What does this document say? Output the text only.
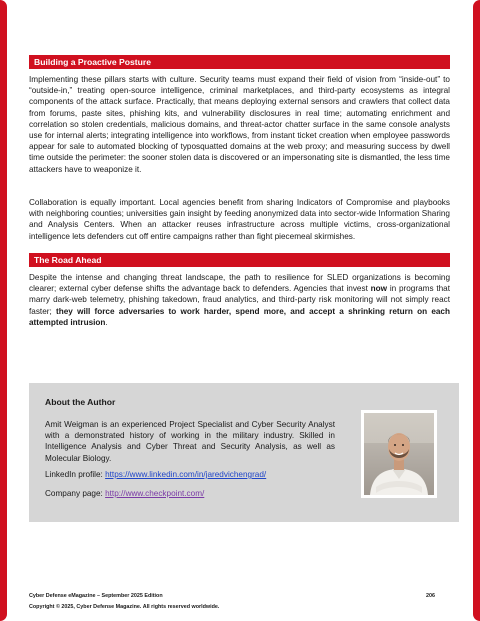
Building a Proactive Posture

Implementing these pillars starts with culture. Security teams must expand their field of vision from “inside-out” to “outside-in,” treating open-source intelligence, criminal marketplaces, and third-party ecosystems as integral components of the attack surface. Practically, that means deploying external sensors and crawlers that collect data from forums, paste sites, phishing kits, and vulnerability disclosures in real time; automating enrichment and correlation so stolen credentials, malicious domains, and threat-actor chatter surface in the same console analysts use for internal alerts; integrating intelligence into workflows, from instant ticket creation when employee passwords appear for sale to automated blocking of typosquatted domains at the web proxy; and measuring success by dwell time outside the perimeter: the sooner stolen data is discovered or an impersonating site is dismantled, the less time attackers have to weaponize it.

Collaboration is equally important. Local agencies benefit from sharing Indicators of Compromise and playbooks with neighboring counties; universities gain insight by feeding anonymized data into sector-wide Information Sharing and Analysis Centers. When an attacker reuses infrastructure across multiple victims, cross-organizational intelligence lets defenders cut off entire campaigns rather than fight piecemeal skirmishes.

The Road Ahead

Despite the intense and changing threat landscape, the path to resilience for SLED organizations is becoming clearer; external cyber defense shifts the advantage back to defenders. Agencies that invest now in programs that marry dark-web telemetry, phishing takedown, fraud analytics, and third-party risk monitoring will not simply react faster; they will force adversaries to work harder, spend more, and accept a shrinking return on each attempted intrusion.

About the Author

Amit Weigman is an experienced Project Specialist and Cyber Security Analyst with a demonstrated history of working in the military industry. Skilled in Intelligence Analysis and Cyber Threat and Security Analysis, as well as Molecular Biology.

LinkedIn profile: https://www.linkedin.com/in/jaredvichengrad/
Company page: http://www.checkpoint.com/
Cyber Defense eMagazine – September 2025 Edition	206
Copyright © 2025, Cyber Defense Magazine. All rights reserved worldwide.
